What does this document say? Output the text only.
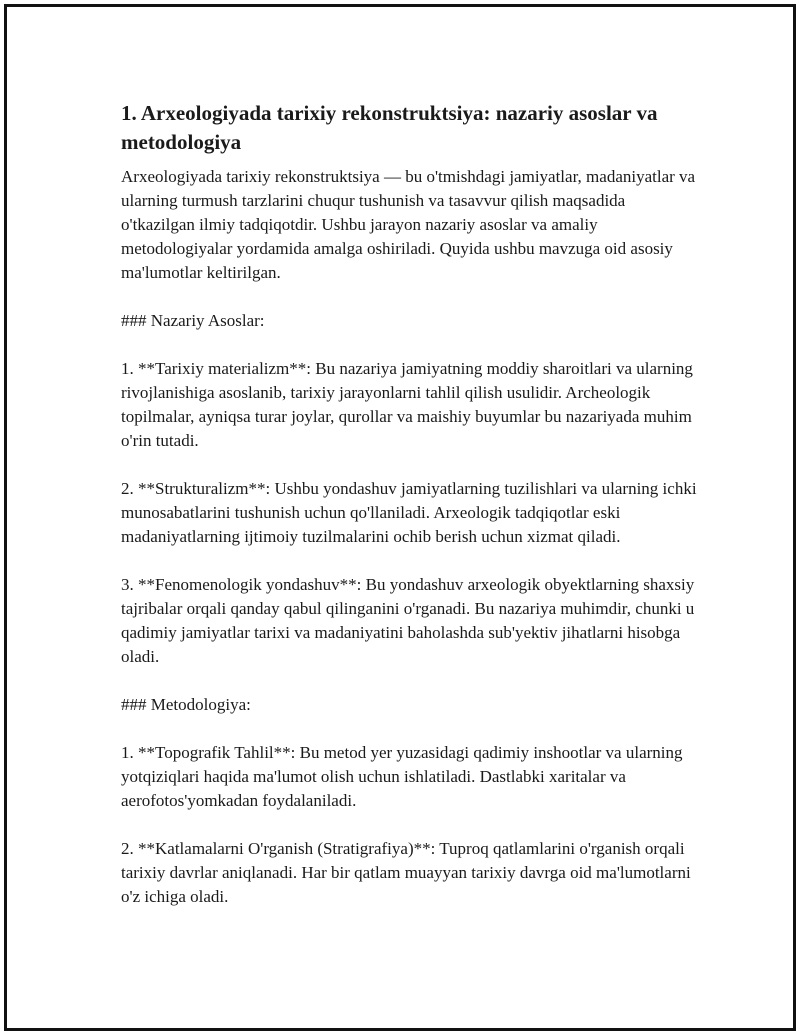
1. Arxeologiyada tarixiy rekonstruktsiya: nazariy asoslar va metodologiya

Arxeologiyada tarixiy rekonstruktsiya — bu o'tmishdagi jamiyatlar, madaniyatlar va ularning turmush tarzlarini chuqur tushunish va tasavvur qilish maqsadida o'tkazilgan ilmiy tadqiqotdir. Ushbu jarayon nazariy asoslar va amaliy metodologiyalar yordamida amalga oshiriladi. Quyida ushbu mavzuga oid asosiy ma'lumotlar keltirilgan.

### Nazariy Asoslar:

1. **Tarixiy materializm**: Bu nazariya jamiyatning moddiy sharoitlari va ularning rivojlanishiga asoslanib, tarixiy jarayonlarni tahlil qilish usulidir. Archeologik topilmalar, ayniqsa turar joylar, qurollar va maishiy buyumlar bu nazariyada muhim o'rin tutadi.

2. **Strukturalizm**: Ushbu yondashuv jamiyatlarning tuzilishlari va ularning ichki munosabatlarini tushunish uchun qo'llaniladi. Arxeologik tadqiqotlar eski madaniyatlarning ijtimoiy tuzilmalarini ochib berish uchun xizmat qiladi.

3. **Fenomenologik yondashuv**: Bu yondashuv arxeologik obyektlarning shaxsiy tajribalar orqali qanday qabul qilinganini o'rganadi. Bu nazariya muhimdir, chunki u qadimiy jamiyatlar tarixi va madaniyatini baholashda sub'yektiv jihatlarni hisobga oladi.

### Metodologiya:

1. **Topografik Tahlil**: Bu metod yer yuzasidagi qadimiy inshootlar va ularning yotqiziqlari haqida ma'lumot olish uchun ishlatiladi. Dastlabki xaritalar va aerofotos'yomkadan foydalaniladi.

2. **Katlamalarni O'rganish (Stratigrafiya)**: Tuproq qatlamlarini o'rganish orqali tarixiy davrlar aniqlanadi. Har bir qatlam muayyan tarixiy davrga oid ma'lumotlarni o'z ichiga oladi.
